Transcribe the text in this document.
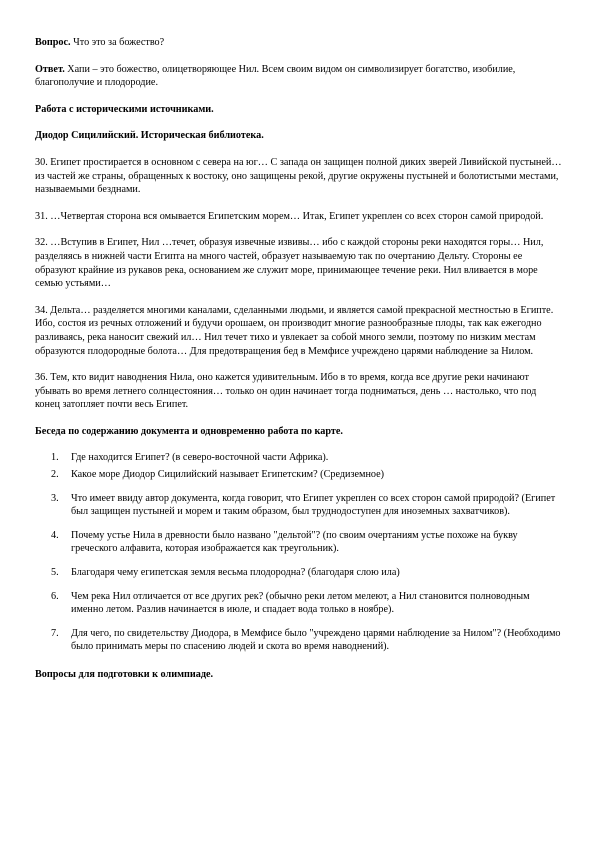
Вопрос. Что это за божество?
Ответ. Хапи – это божество, олицетворяющее Нил. Всем своим видом он символизирует богатство, изобилие, благополучие и плодородие.
Работа с историческими источниками.
Диодор Сицилийский. Историческая библиотека.
30. Египет простирается в основном с севера на юг… С запада он защищен полной диких зверей Ливийской пустыней… из частей же страны, обращенных к востоку, оно защищены рекой, другие окружены пустыней и болотистыми местами, называемыми безднами.
31. …Четвертая сторона вся омывается Египетским морем… Итак, Египет укреплен со всех сторон самой природой.
32. …Вступив в Египет, Нил …течет, образуя извечные извивы… ибо с каждой стороны реки находятся горы… Нил, разделяясь в нижней части Египта на много частей, образует называемую так по очертанию Дельту. Стороны ее образуют крайние из рукавов река, основанием же служит море, принимающее течение реки. Нил вливается в море семью устьями…
34. Дельта… разделяется многими каналами, сделанными людьми, и является самой прекрасной местностью в Египте. Ибо, состоя из речных отложений и будучи орошаем, он производит многие разнообразные плоды, так как ежегодно разливаясь, река наносит свежий ил… Нил течет тихо и увлекает за собой много земли, поэтому по низким местам образуются плодородные болота… Для предотвращения бед в Мемфисе учреждено царями наблюдение за Нилом.
36. Тем, кто видит наводнения Нила, оно кажется удивительным. Ибо в то время, когда все другие реки начинают убывать во время летнего солнцестояния… только он один начинает тогда подниматься, день … настолько, что под конец затопляет почти весь Египет.
Беседа по содержанию документа и одновременно работа по карте.
1. Где находится Египет? (в северо-восточной части Африка).
2. Какое море Диодор Сицилийский называет Египетским? (Средиземное)
3. Что имеет ввиду автор документа, когда говорит, что Египет укреплен со всех сторон самой природой? (Египет был защищен пустыней и морем и таким образом, был труднодоступен для иноземных захватчиков).
4. Почему устье Нила в древности было названо "дельтой"? (по своим очертаниям устье похоже на букву греческого алфавита, которая изображается как треугольник).
5. Благодаря чему египетская земля весьма плодородна? (благодаря слою ила)
6. Чем река Нил отличается от все других рек? (обычно реки летом мелеют, а Нил становится полноводным именно летом. Разлив начинается в июле, и спадает вода только в ноябре).
7. Для чего, по свидетельству Диодора, в Мемфисе было "учреждено царями наблюдение за Нилом"? (Необходимо было принимать меры по спасению людей и скота во время наводнений).
Вопросы для подготовки к олимпиаде.
